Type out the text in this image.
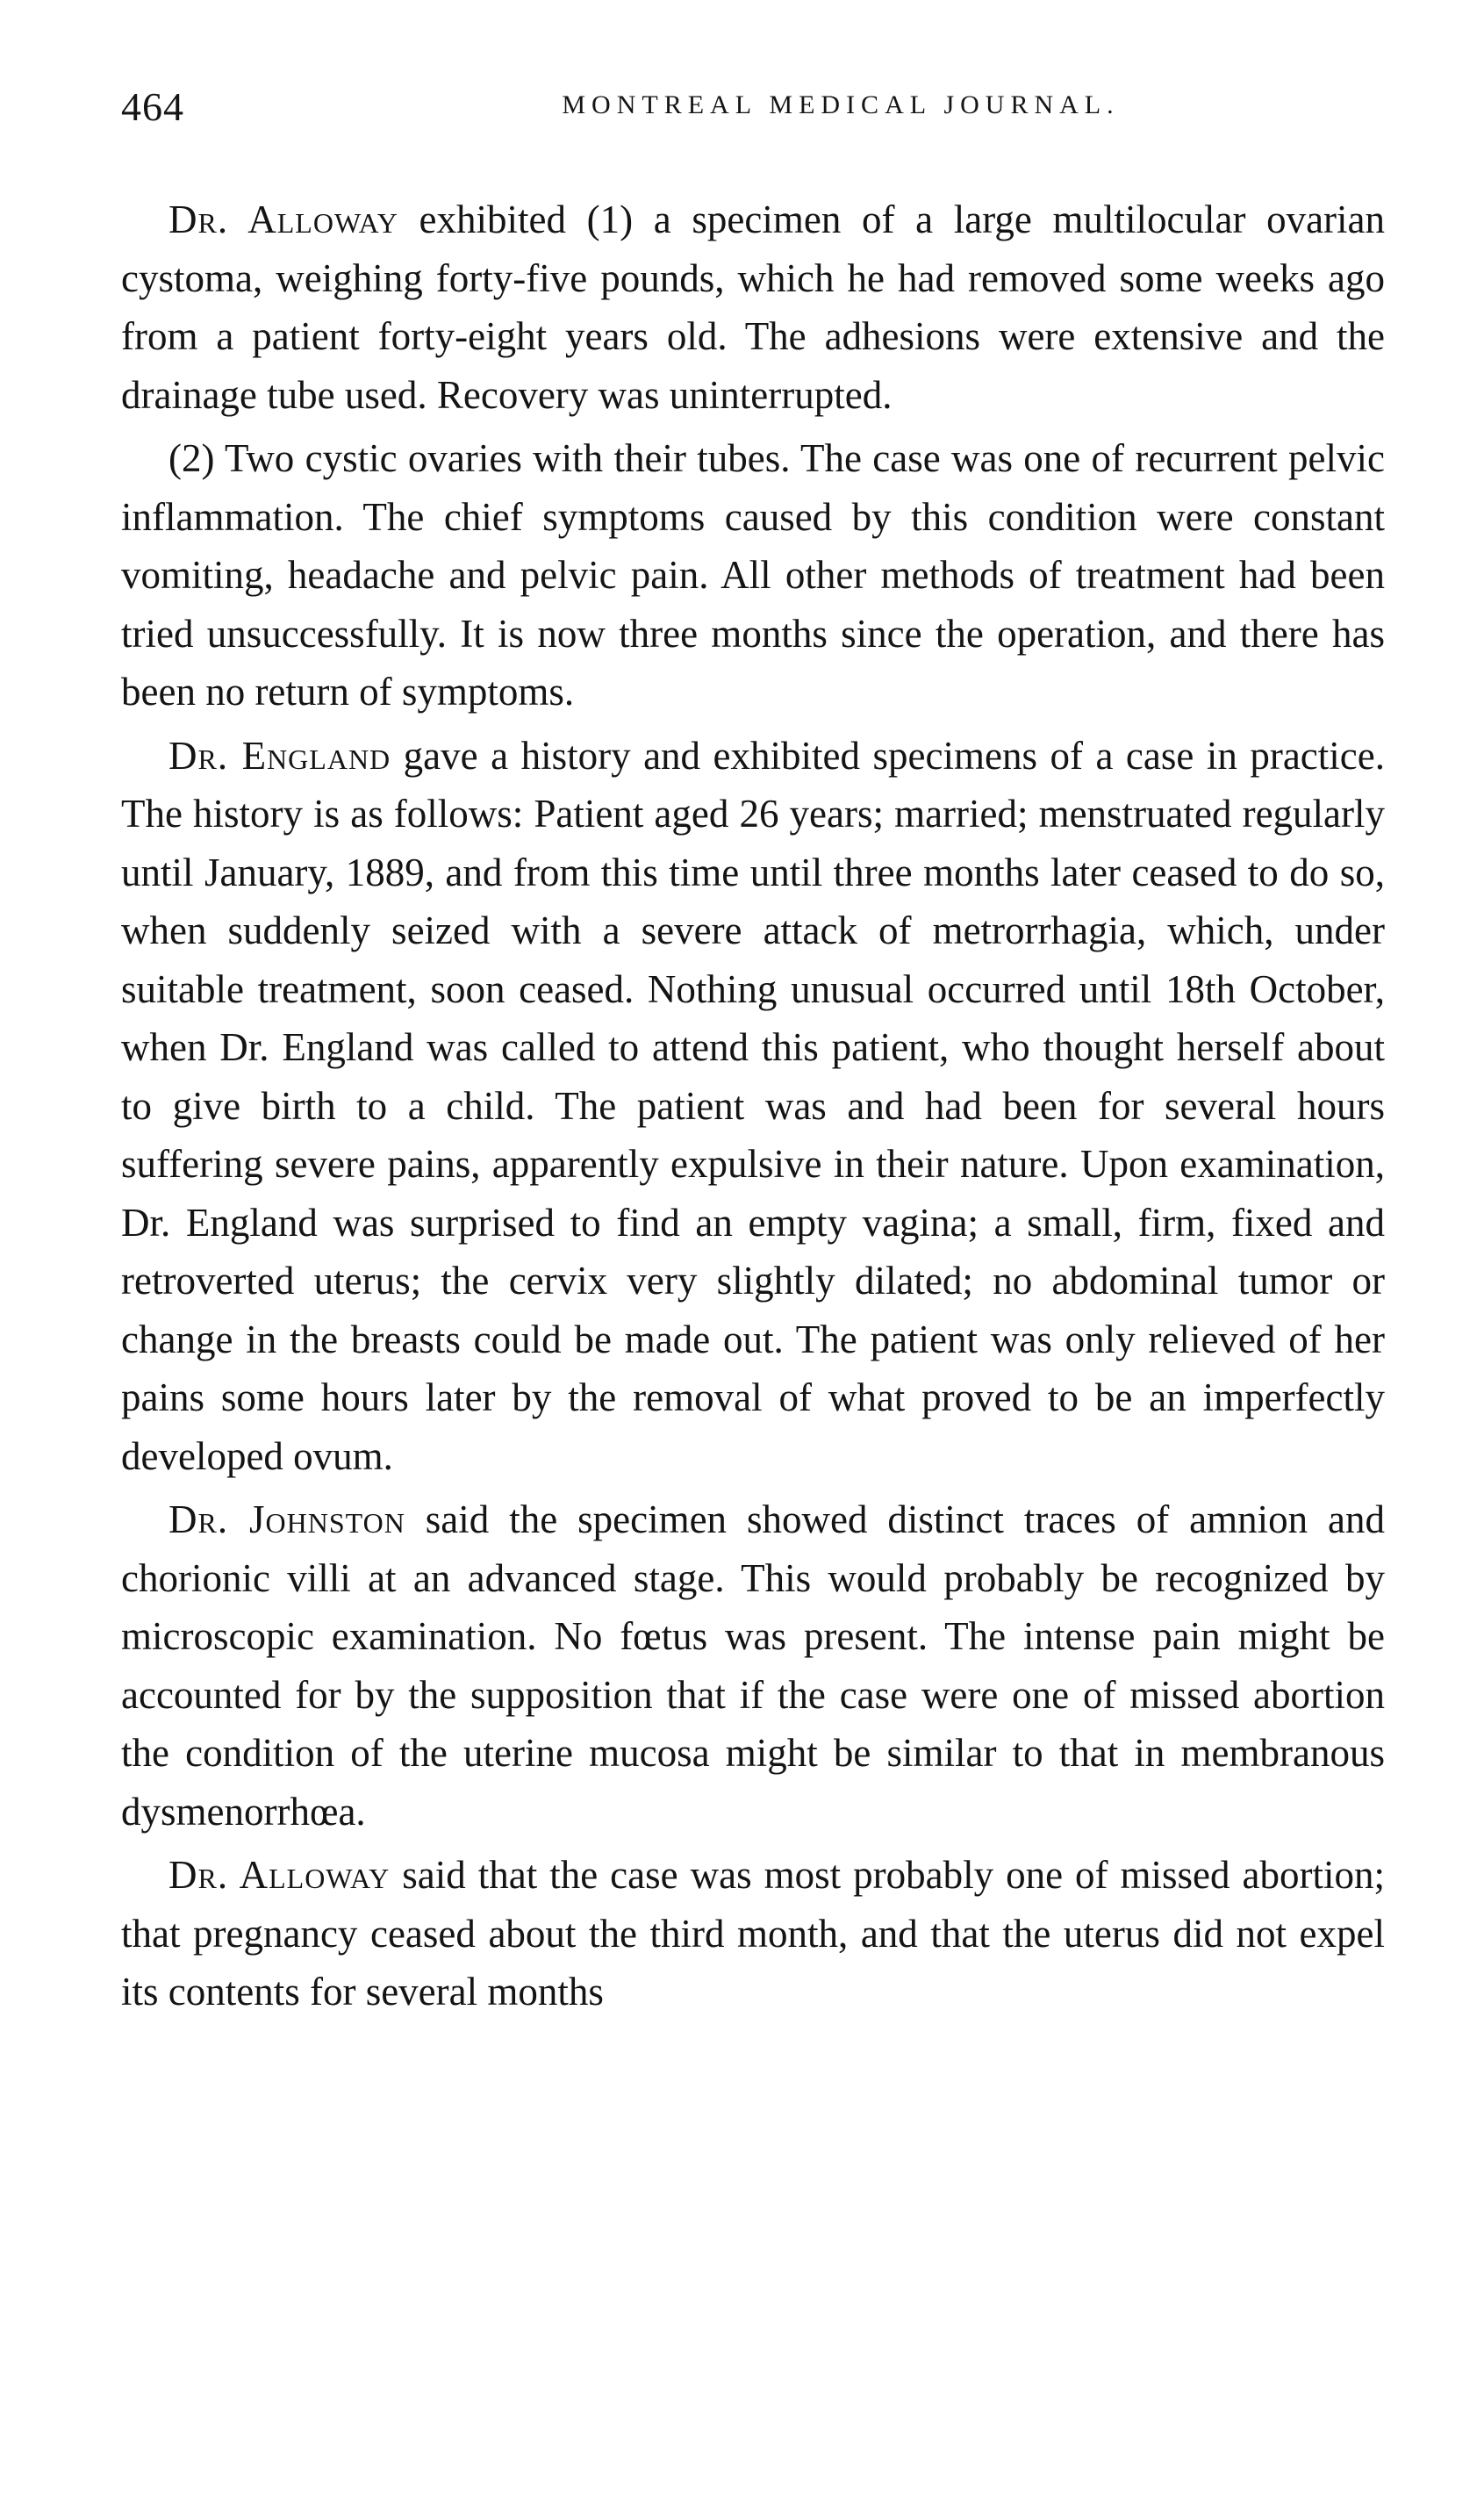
464	MONTREAL MEDICAL JOURNAL.

Dr. Alloway exhibited (1) a specimen of a large multilocular ovarian cystoma, weighing forty-five pounds, which he had removed some weeks ago from a patient forty-eight years old. The adhesions were extensive and the drainage tube used. Recovery was uninterrupted.

(2) Two cystic ovaries with their tubes. The case was one of recurrent pelvic inflammation. The chief symptoms caused by this condition were constant vomiting, headache and pelvic pain. All other methods of treatment had been tried unsuccessfully. It is now three months since the operation, and there has been no return of symptoms.

Dr. England gave a history and exhibited specimens of a case in practice. The history is as follows: Patient aged 26 years; married; menstruated regularly until January, 1889, and from this time until three months later ceased to do so, when suddenly seized with a severe attack of metrorrhagia, which, under suitable treatment, soon ceased. Nothing unusual occurred until 18th October, when Dr. England was called to attend this patient, who thought herself about to give birth to a child. The patient was and had been for several hours suffering severe pains, apparently expulsive in their nature. Upon examination, Dr. England was surprised to find an empty vagina; a small, firm, fixed and retroverted uterus; the cervix very slightly dilated; no abdominal tumor or change in the breasts could be made out. The patient was only relieved of her pains some hours later by the removal of what proved to be an imperfectly developed ovum.

Dr. Johnston said the specimen showed distinct traces of amnion and chorionic villi at an advanced stage. This would probably be recognized by microscopic examination. No fœtus was present. The intense pain might be accounted for by the supposition that if the case were one of missed abortion the condition of the uterine mucosa might be similar to that in membranous dysmenorrhœa.

Dr. Alloway said that the case was most probably one of missed abortion; that pregnancy ceased about the third month, and that the uterus did not expel its contents for several months
